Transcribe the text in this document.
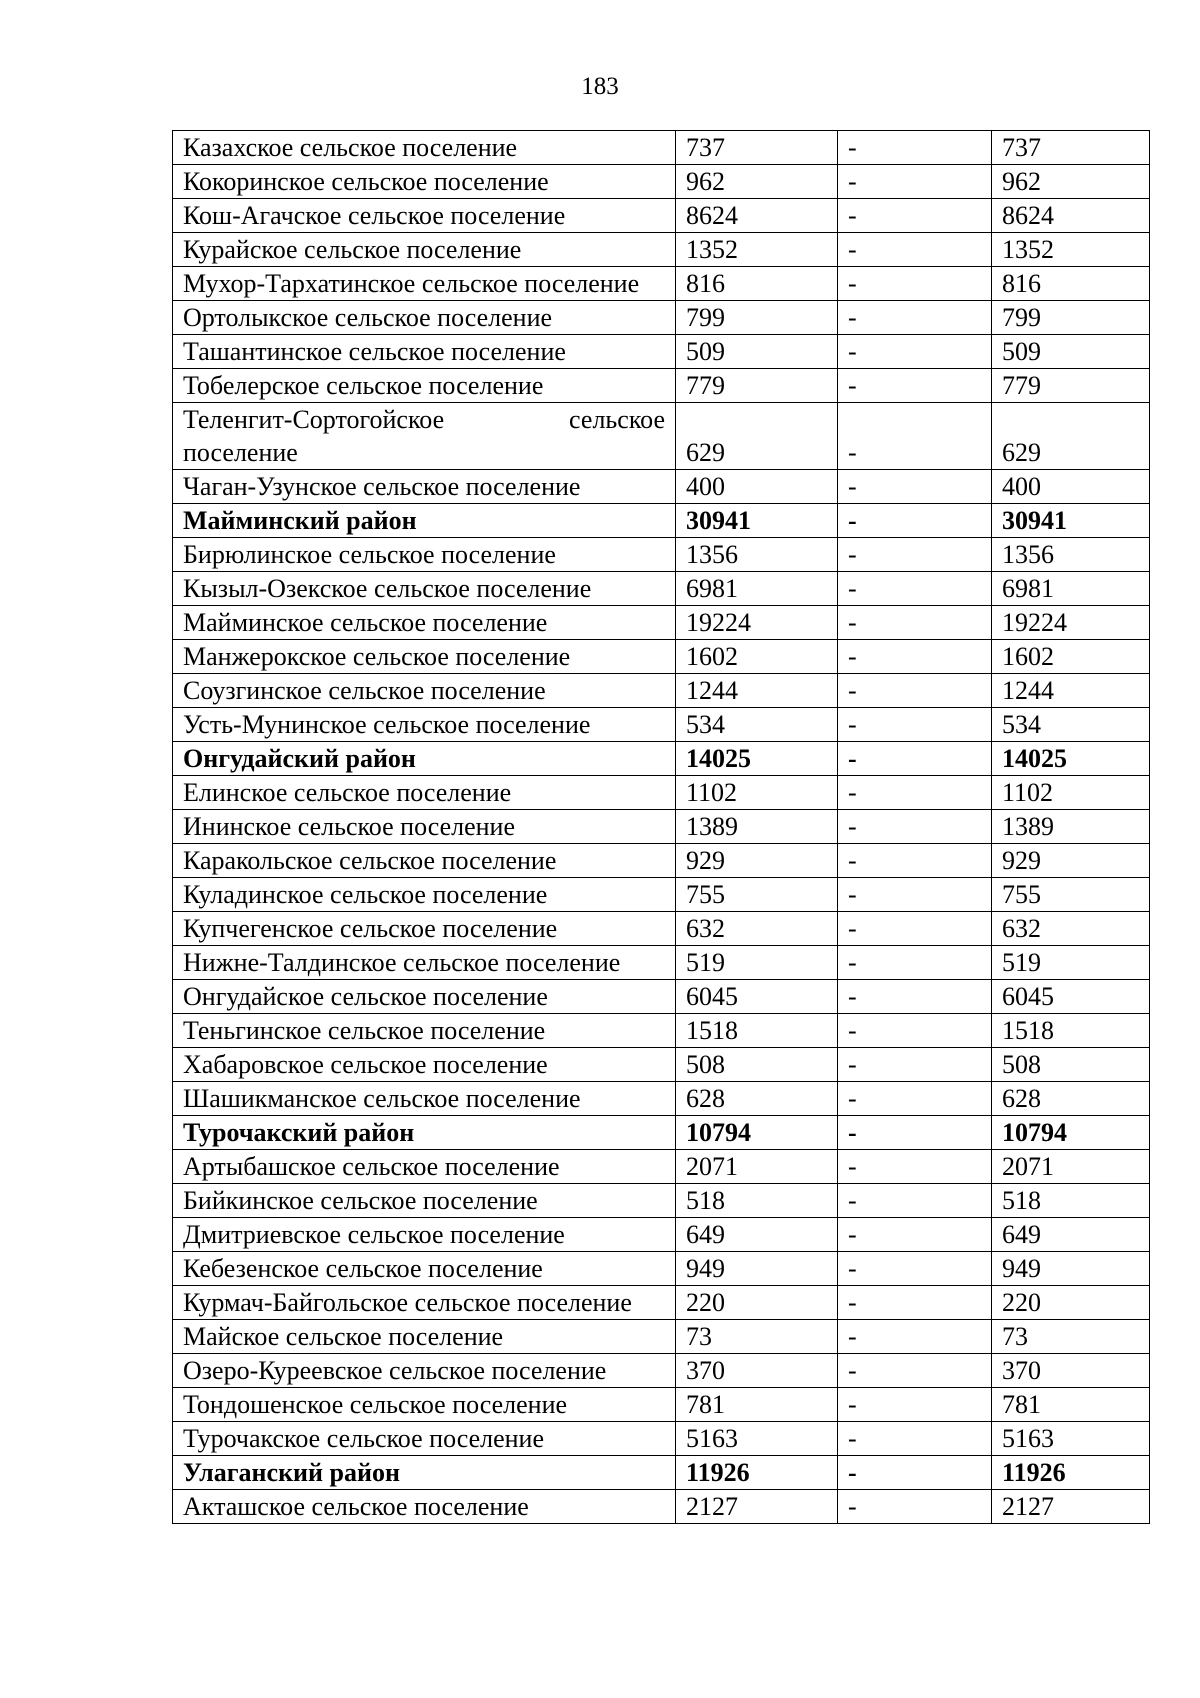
183
Казахское сельское поселение	737	-	737
Кокоринское сельское поселение	962	-	962
Кош-Агачское сельское поселение	8624	-	8624
Курайское сельское поселение	1352	-	1352
Мухор-Тархатинское сельское поселение	816	-	816
Ортолыкское сельское поселение	799	-	799
Ташантинское сельское поселение	509	-	509
Тобелерское сельское поселение	779	-	779
Теленгит-Сортогойское сельское поселение	629	-	629
Чаган-Узунское сельское поселение	400	-	400
Майминский район	30941	-	30941
Бирюлинское сельское поселение	1356	-	1356
Кызыл-Озекское сельское поселение	6981	-	6981
Майминское сельское поселение	19224	-	19224
Манжерокское сельское поселение	1602	-	1602
Соузгинское сельское поселение	1244	-	1244
Усть-Мунинское сельское поселение	534	-	534
Онгудайский район	14025	-	14025
Елинское сельское поселение	1102	-	1102
Ининское сельское поселение	1389	-	1389
Каракольское сельское поселение	929	-	929
Куладинское сельское поселение	755	-	755
Купчегенское сельское поселение	632	-	632
Нижне-Талдинское сельское поселение	519	-	519
Онгудайское сельское поселение	6045	-	6045
Теньгинское сельское поселение	1518	-	1518
Хабаровское сельское поселение	508	-	508
Шашикманское сельское поселение	628	-	628
Турочакский район	10794	-	10794
Артыбашское сельское поселение	2071	-	2071
Бийкинское сельское поселение	518	-	518
Дмитриевское сельское поселение	649	-	649
Кебезенское сельское поселение	949	-	949
Курмач-Байгольское сельское поселение	220	-	220
Майское сельское поселение	73	-	73
Озеро-Куреевское сельское поселение	370	-	370
Тондошенское сельское поселение	781	-	781
Турочакское сельское поселение	5163	-	5163
Улаганский район	11926	-	11926
Акташское сельское поселение	2127	-	2127
